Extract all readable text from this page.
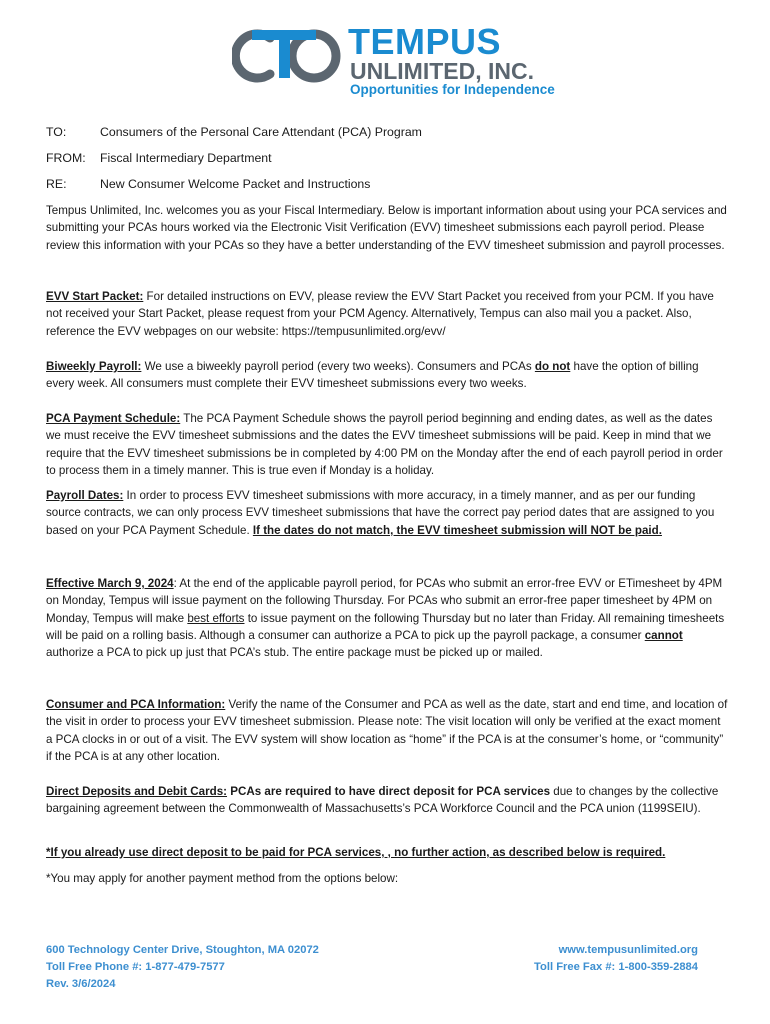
TEMPUS
UNLIMITED, INC.
Opportunities for Independence
TO:	Consumers of the Personal Care Attendant (PCA) Program
FROM: Fiscal Intermediary Department
RE:	New Consumer Welcome Packet and Instructions

Tempus Unlimited, Inc. welcomes you as your Fiscal Intermediary. Below is important information about using your PCA services and submitting your PCAs hours worked via the Electronic Visit Verification (EVV) timesheet submissions each payroll period. Please review this information with your PCAs so they have a better understanding of the EVV timesheet submission and payroll processes.

EVV Start Packet: For detailed instructions on EVV, please review the EVV Start Packet you received from your PCM. If you have not received your Start Packet, please request from your PCM Agency. Alternatively, Tempus can also mail you a packet. Also, reference the EVV webpages on our website: https://tempusunlimited.org/evv/

Biweekly Payroll: We use a biweekly payroll period (every two weeks). Consumers and PCAs do not have the option of billing every week. All consumers must complete their EVV timesheet submissions every two weeks.

PCA Payment Schedule: The PCA Payment Schedule shows the payroll period beginning and ending dates, as well as the dates we must receive the EVV timesheet submissions and the dates the EVV timesheet submissions will be paid. Keep in mind that we require that the EVV timesheet submissions be in completed by 4:00 PM on the Monday after the end of each payroll period in order to process them in a timely manner. This is true even if Monday is a holiday.

Payroll Dates: In order to process EVV timesheet submissions with more accuracy, in a timely manner, and as per our funding source contracts, we can only process EVV timesheet submissions that have the correct pay period dates that are assigned to you based on your PCA Payment Schedule. If the dates do not match, the EVV timesheet submission will NOT be paid.

Effective March 9, 2024: At the end of the applicable payroll period, for PCAs who submit an error-free EVV or ETimesheet by 4PM on Monday, Tempus will issue payment on the following Thursday. For PCAs who submit an error-free paper timesheet by 4PM on Monday, Tempus will make best efforts to issue payment on the following Thursday but no later than Friday. All remaining timesheets will be paid on a rolling basis. Although a consumer can authorize a PCA to pick up the payroll package, a consumer cannot authorize a PCA to pick up just that PCA’s stub. The entire package must be picked up or mailed.

Consumer and PCA Information: Verify the name of the Consumer and PCA as well as the date, start and end time, and location of the visit in order to process your EVV timesheet submission. Please note: The visit location will only be verified at the exact moment a PCA clocks in or out of a visit. The EVV system will show location as “home” if the PCA is at the consumer’s home, or “community” if the PCA is at any other location.

Direct Deposits and Debit Cards: PCAs are required to have direct deposit for PCA services due to changes by the collective bargaining agreement between the Commonwealth of Massachusetts’s PCA Workforce Council and the PCA union (1199SEIU).

*If you already use direct deposit to be paid for PCA services, , no further action, as described below is required.

*You may apply for another payment method from the options below:

600 Technology Center Drive, Stoughton, MA 02072
Toll Free Phone #: 1-877-479-7577
Rev. 3/6/2024
www.tempusunlimited.org
Toll Free Fax #: 1-800-359-2884
